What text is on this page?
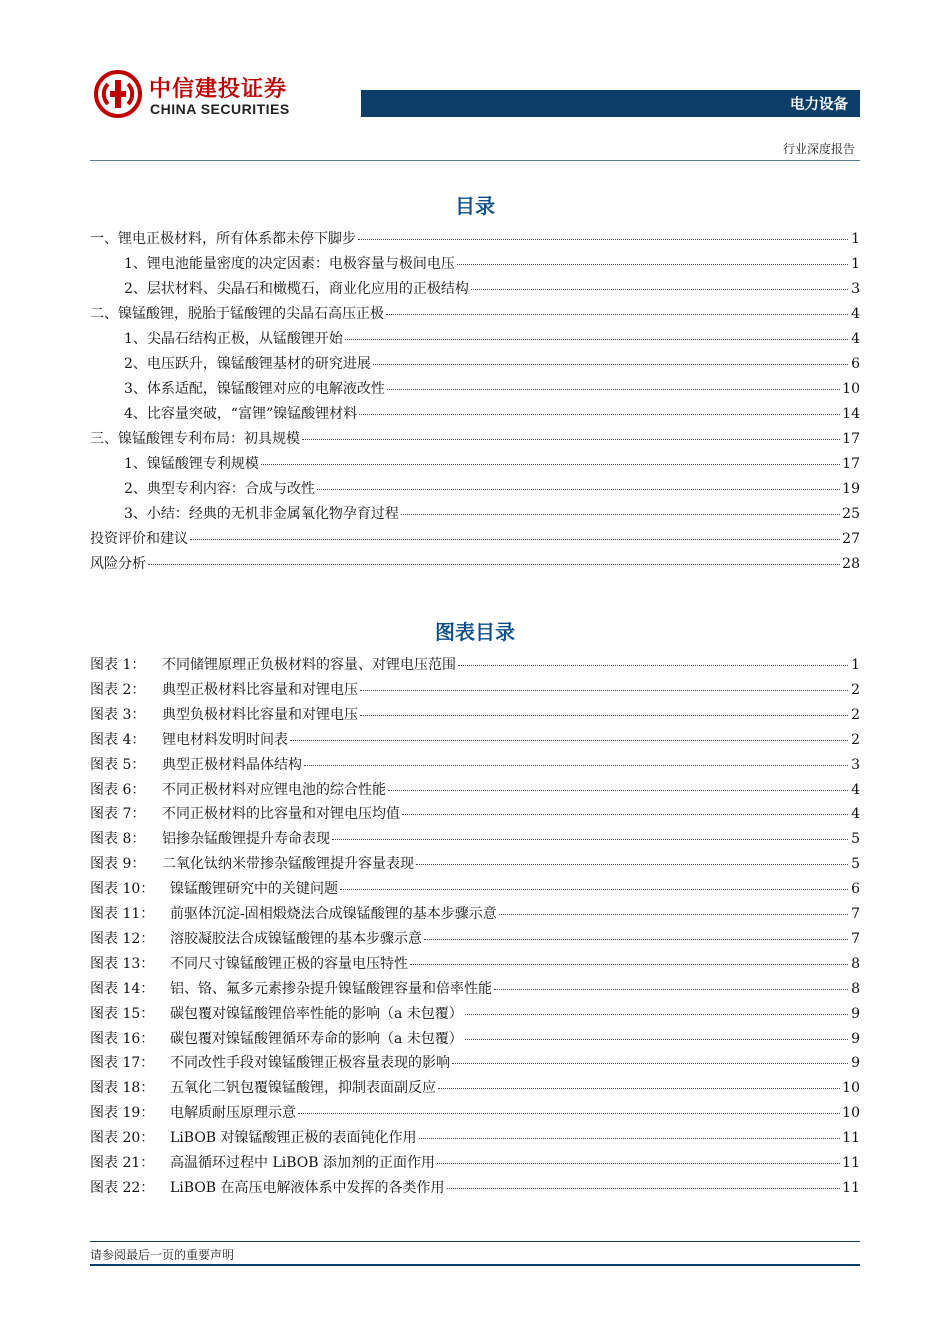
中信建投证券
CHINA SECURITIES	电力设备
行业深度报告
目录
一、锂电正极材料，所有体系都未停下脚步	1
1、锂电池能量密度的决定因素：电极容量与极间电压	1
2、层状材料、尖晶石和橄榄石，商业化应用的正极结构	3
二、镍锰酸锂，脱胎于锰酸锂的尖晶石高压正极	4
1、尖晶石结构正极，从锰酸锂开始	4
2、电压跃升，镍锰酸锂基材的研究进展	6
3、体系适配，镍锰酸锂对应的电解液改性	10
4、比容量突破，“富锂”镍锰酸锂材料	14
三、镍锰酸锂专利布局：初具规模	17
1、镍锰酸锂专利规模	17
2、典型专利内容：合成与改性	19
3、小结：经典的无机非金属氧化物孕育过程	25
投资评价和建议	27
风险分析	28
图表目录
图表 1： 不同储锂原理正负极材料的容量、对锂电压范围	1
图表 2： 典型正极材料比容量和对锂电压	2
图表 3： 典型负极材料比容量和对锂电压	2
图表 4： 锂电材料发明时间表	2
图表 5： 典型正极材料晶体结构	3
图表 6： 不同正极材料对应锂电池的综合性能	4
图表 7： 不同正极材料的比容量和对锂电压均值	4
图表 8： 铝掺杂锰酸锂提升寿命表现	5
图表 9： 二氧化钛纳米带掺杂锰酸锂提升容量表现	5
图表 10： 镍锰酸锂研究中的关键问题	6
图表 11： 前驱体沉淀-固相煅烧法合成镍锰酸锂的基本步骤示意	7
图表 12： 溶胶凝胶法合成镍锰酸锂的基本步骤示意	7
图表 13： 不同尺寸镍锰酸锂正极的容量电压特性	8
图表 14： 铝、铬、氟多元素掺杂提升镍锰酸锂容量和倍率性能	8
图表 15： 碳包覆对镍锰酸锂倍率性能的影响（a 未包覆）	9
图表 16： 碳包覆对镍锰酸锂循环寿命的影响（a 未包覆）	9
图表 17： 不同改性手段对镍锰酸锂正极容量表现的影响	9
图表 18： 五氧化二钒包覆镍锰酸锂，抑制表面副反应	10
图表 19： 电解质耐压原理示意	10
图表 20： LiBOB 对镍锰酸锂正极的表面钝化作用	11
图表 21： 高温循环过程中 LiBOB 添加剂的正面作用	11
图表 22： LiBOB 在高压电解液体系中发挥的各类作用	11
请参阅最后一页的重要声明
